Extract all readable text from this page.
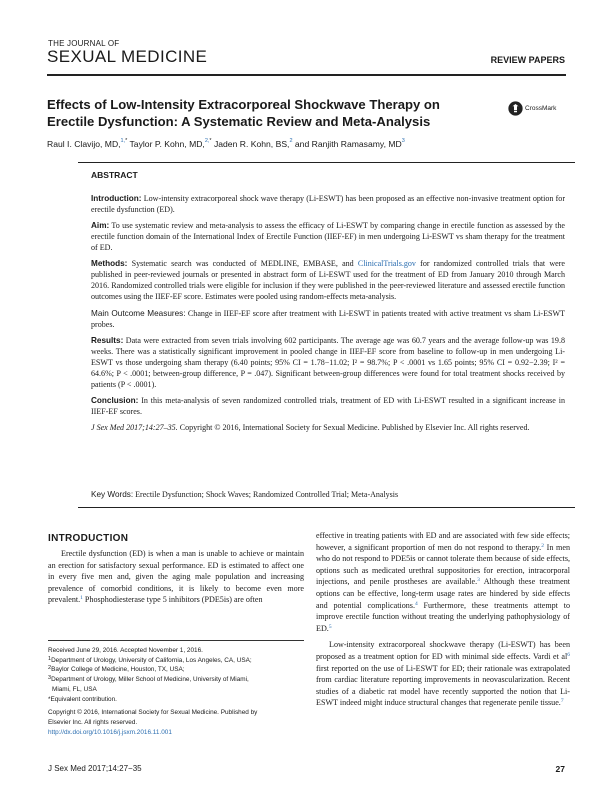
THE JOURNAL OF
SEXUAL MEDICINE	REVIEW PAPERS
Effects of Low-Intensity Extracorporeal Shockwave Therapy on Erectile Dysfunction: A Systematic Review and Meta-Analysis
CrossMark
Raul I. Clavijo, MD,$^{1,*}$ Taylor P. Kohn, MD,$^{2,*}$ Jaden R. Kohn, BS,$^2$ and Ranjith Ramasamy, $MD^3$
ABSTRACT

Introduction: Low-intensity extracorporeal shock wave therapy (Li-ESWT) has been proposed as an effective non-invasive treatment option for erectile dysfunction (ED).

Aim: To use systematic review and meta-analysis to assess the efficacy of Li-ESWT by comparing change in erectile function as assessed by the erectile function domain of the International Index of Erectile Function (IIEF-EF) in men undergoing Li-ESWT vs sham therapy for the treatment of ED.

Methods: Systematic search was conducted of MEDLINE, EMBASE, and ClinicalTrials.gov for randomized controlled trials that were published in peer-reviewed journals or presented in abstract form of Li-ESWT used for the treatment of ED from January 2010 through March 2016. Randomized controlled trials were eligible for inclusion if they were published in the peer-reviewed literature and assessed erectile function outcomes using the IIEF-EF score. Estimates were pooled using random-effects meta-analysis.

Main Outcome Measures: Change in IIEF-EF score after treatment with Li-ESWT in patients treated with active treatment vs sham Li-ESWT probes.

Results: Data were extracted from seven trials involving 602 participants. The average age was 60.7 years and the average follow-up was 19.8 weeks. There was a statistically significant improvement in pooled change in IIEF-EF score from baseline to follow-up in men undergoing Li-ESWT vs those undergoing sham therapy (6.40 points; 95% CI = 1.78−11.02; I² = 98.7%; P < .0001 vs 1.65 points; 95% CI = 0.92−2.39; I² = 64.6%; P < .0001; between-group difference, P = .047). Significant between-group differences were found for total treatment shocks received by patients (P < .0001).

Conclusion: In this meta-analysis of seven randomized controlled trials, treatment of ED with Li-ESWT resulted in a significant increase in IIEF-EF scores.

J Sex Med 2017;14:27–35. Copyright © 2016, International Society for Sexual Medicine. Published by Elsevier Inc. All rights reserved.

Key Words: Erectile Dysfunction; Shock Waves; Randomized Controlled Trial; Meta-Analysis
INTRODUCTION

Erectile dysfunction (ED) is when a man is unable to achieve or maintain an erection for satisfactory sexual performance. ED is estimated to affect one in every five men and, given the aging male population and increasing prevalence of comorbid conditions, it is likely to become even more prevalent.$^1$ Phosphodiesterase type 5 inhibitors (PDE5is) are often

Received June 29, 2016. Accepted November 1, 2016.
$^1$Department of Urology, University of California, Los Angeles, CA, USA;
$^2$Baylor College of Medicine, Houston, TX, USA;
$^3$Department of Urology, Miller School of Medicine, University of Miami,
Miami, FL, USA
*Equivalent contribution.
Copyright © 2016, International Society for Sexual Medicine. Published by
Elsevier Inc. All rights reserved.
http://dx.doi.org/10.1016/j.jsxm.2016.11.001

effective in treating patients with ED and are associated with few side effects; however, a significant proportion of men do not respond to therapy.$^2$ In men who do not respond to PDE5is or cannot tolerate them because of side effects, options such as medicated urethral suppositories for erection, intracorporal injections, and penile prostheses are available.$^3$ Although these treatment options can be effective, long-term usage rates are hindered by side effects and potential complications.$^4$ Furthermore, these treatments attempt to improve erectile function without treating the underlying pathophysiology of ED.$^5$

Low-intensity extracorporeal shockwave therapy (Li-ESWT) has been proposed as a treatment option for ED with minimal side effects. Vardi et $al^6$ first reported on the use of Li-ESWT for ED; their rationale was extrapolated from cardiac literature reporting improvements in neovascularization. Recent studies of a diabetic rat model have recently supported the notion that Li-ESWT indeed might induce structural changes that regenerate penile tissue.$^7$

J Sex Med 2017;14:27−35	27
